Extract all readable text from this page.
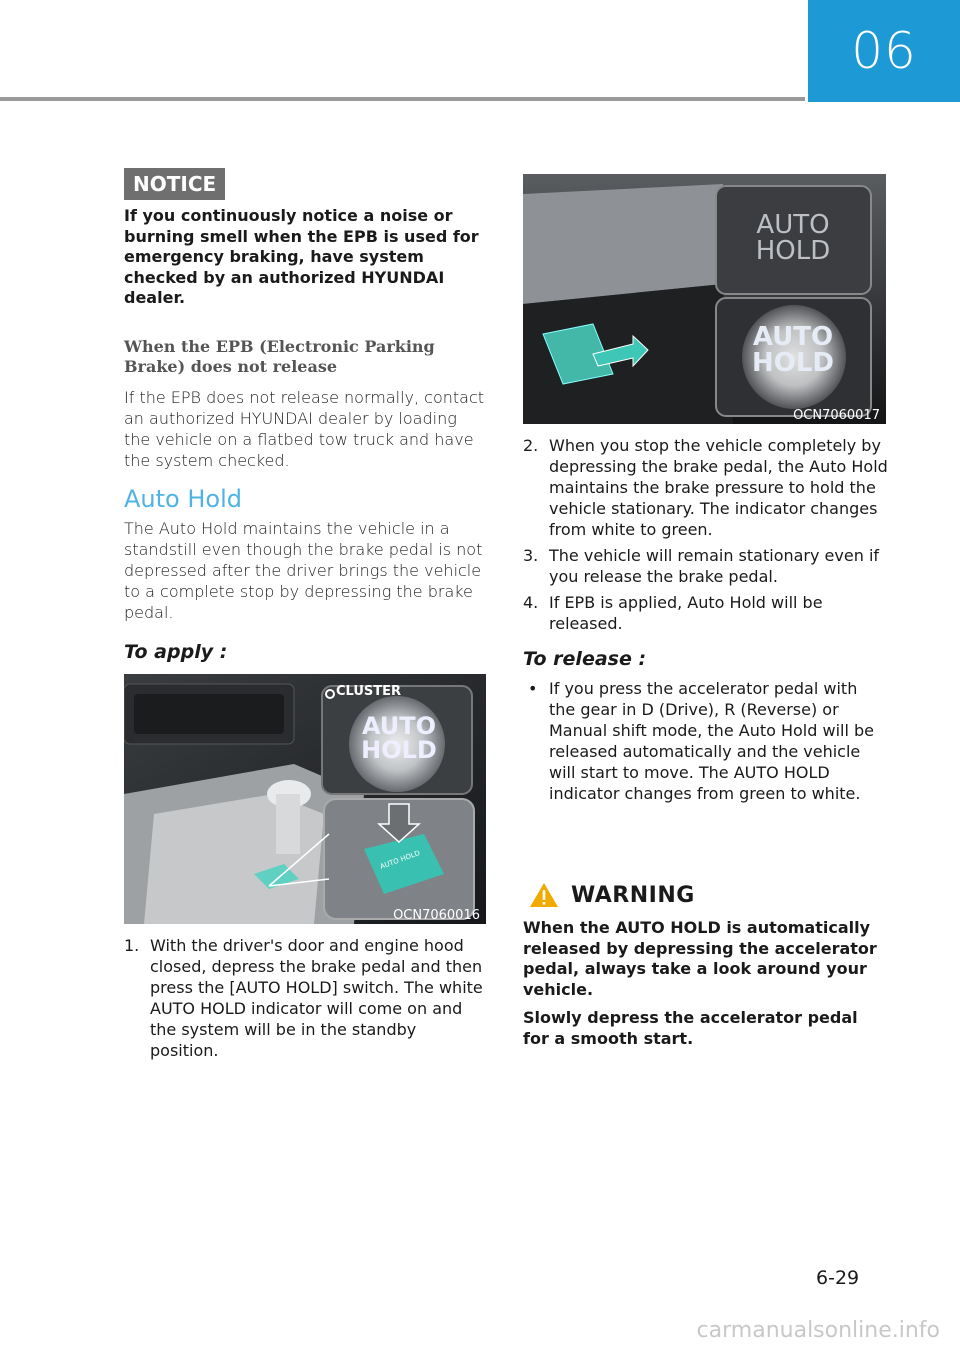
06
NOTICE

If you continuously notice a noise or burning smell when the EPB is used for emergency braking, have system checked by an authorized HYUNDAI dealer.

When the EPB (Electronic Parking Brake) does not release

If the EPB does not release normally, contact an authorized HYUNDAI dealer by loading the vehicle on a flatbed tow truck and have the system checked.

Auto Hold

The Auto Hold maintains the vehicle in a standstill even though the brake pedal is not depressed after the driver brings the vehicle to a complete stop by depressing the brake pedal.

To apply :

CLUSTER
AUTO
HOLD
AUTO HOLD
OCN7060016
1. With the driver's door and engine hood closed, depress the brake pedal and then press the [AUTO HOLD] switch. The white AUTO HOLD indicator will come on and the system will be in the standby position.
AUTO
HOLD
AUTO
HOLD
OCN7060017
2. When you stop the vehicle completely by depressing the brake pedal, the Auto Hold maintains the brake pressure to hold the vehicle stationary. The indicator changes from white to green.
3. The vehicle will remain stationary even if you release the brake pedal.
4. If EPB is applied, Auto Hold will be released.

To release :

• If you press the accelerator pedal with the gear in D (Drive), R (Reverse) or Manual shift mode, the Auto Hold will be released automatically and the vehicle will start to move. The AUTO HOLD indicator changes from green to white.
WARNING

When the AUTO HOLD is automatically released by depressing the accelerator pedal, always take a look around your vehicle.

Slowly depress the accelerator pedal for a smooth start.

6-29
carmanualsonline.info
